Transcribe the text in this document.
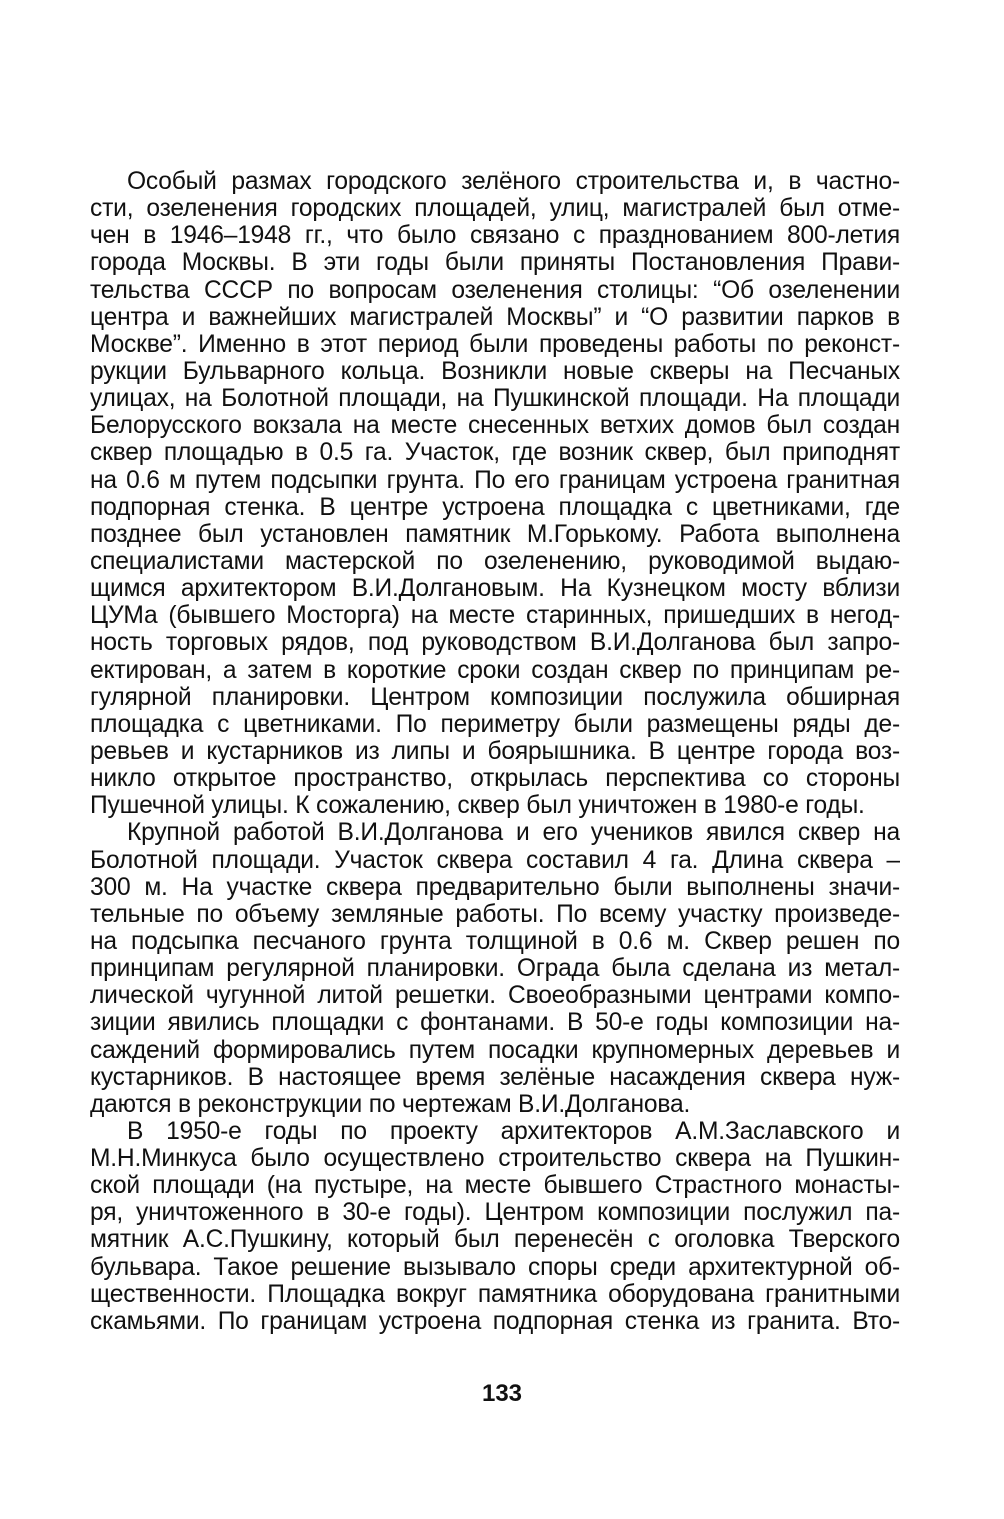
Особый размах городского зелёного строительства и, в частно-
сти, озеленения городских площадей, улиц, магистралей был отме-
чен в 1946–1948 гг., что было связано с празднованием 800-летия
города Москвы. В эти годы были приняты Постановления Прави-
тельства СССР по вопросам озеленения столицы: “Об озеленении
центра и важнейших магистралей Москвы” и “О развитии парков в
Москве”. Именно в этот период были проведены работы по реконст-
рукции Бульварного кольца. Возникли новые скверы на Песчаных
улицах, на Болотной площади, на Пушкинской площади. На площади
Белорусского вокзала на месте снесенных ветхих домов был создан
сквер площадью в 0.5 га. Участок, где возник сквер, был приподнят
на 0.6 м путем подсыпки грунта. По его границам устроена гранитная
подпорная стенка. В центре устроена площадка с цветниками, где
позднее был установлен памятник М.Горькому. Работа выполнена
специалистами мастерской по озеленению, руководимой выдаю-
щимся архитектором В.И.Долгановым. На Кузнецком мосту вблизи
ЦУМа (бывшего Мосторга) на месте старинных, пришедших в негод-
ность торговых рядов, под руководством В.И.Долганова был запро-
ектирован, а затем в короткие сроки создан сквер по принципам ре-
гулярной планировки. Центром композиции послужила обширная
площадка с цветниками. По периметру были размещены ряды де-
ревьев и кустарников из липы и боярышника. В центре города воз-
никло открытое пространство, открылась перспектива со стороны
Пушечной улицы. К сожалению, сквер был уничтожен в 1980-е годы.
Крупной работой В.И.Долганова и его учеников явился сквер на
Болотной площади. Участок сквера составил 4 га. Длина сквера –
300 м. На участке сквера предварительно были выполнены значи-
тельные по объему земляные работы. По всему участку произведе-
на подсыпка песчаного грунта толщиной в 0.6 м. Сквер решен по
принципам регулярной планировки. Ограда была сделана из метал-
лической чугунной литой решетки. Своеобразными центрами компо-
зиции явились площадки с фонтанами. В 50-е годы композиции на-
саждений формировались путем посадки крупномерных деревьев и
кустарников. В настоящее время зелёные насаждения сквера нуж-
даются в реконструкции по чертежам В.И.Долганова.
В 1950-е годы по проекту архитекторов А.М.Заславского и
М.Н.Минкуса было осуществлено строительство сквера на Пушкин-
ской площади (на пустыре, на месте бывшего Страстного монасты-
ря, уничтоженного в 30-е годы). Центром композиции послужил па-
мятник А.С.Пушкину, который был перенесён с оголовка Тверского
бульвара. Такое решение вызывало споры среди архитектурной об-
щественности. Площадка вокруг памятника оборудована гранитными
скамьями. По границам устроена подпорная стенка из гранита. Вто-
133
